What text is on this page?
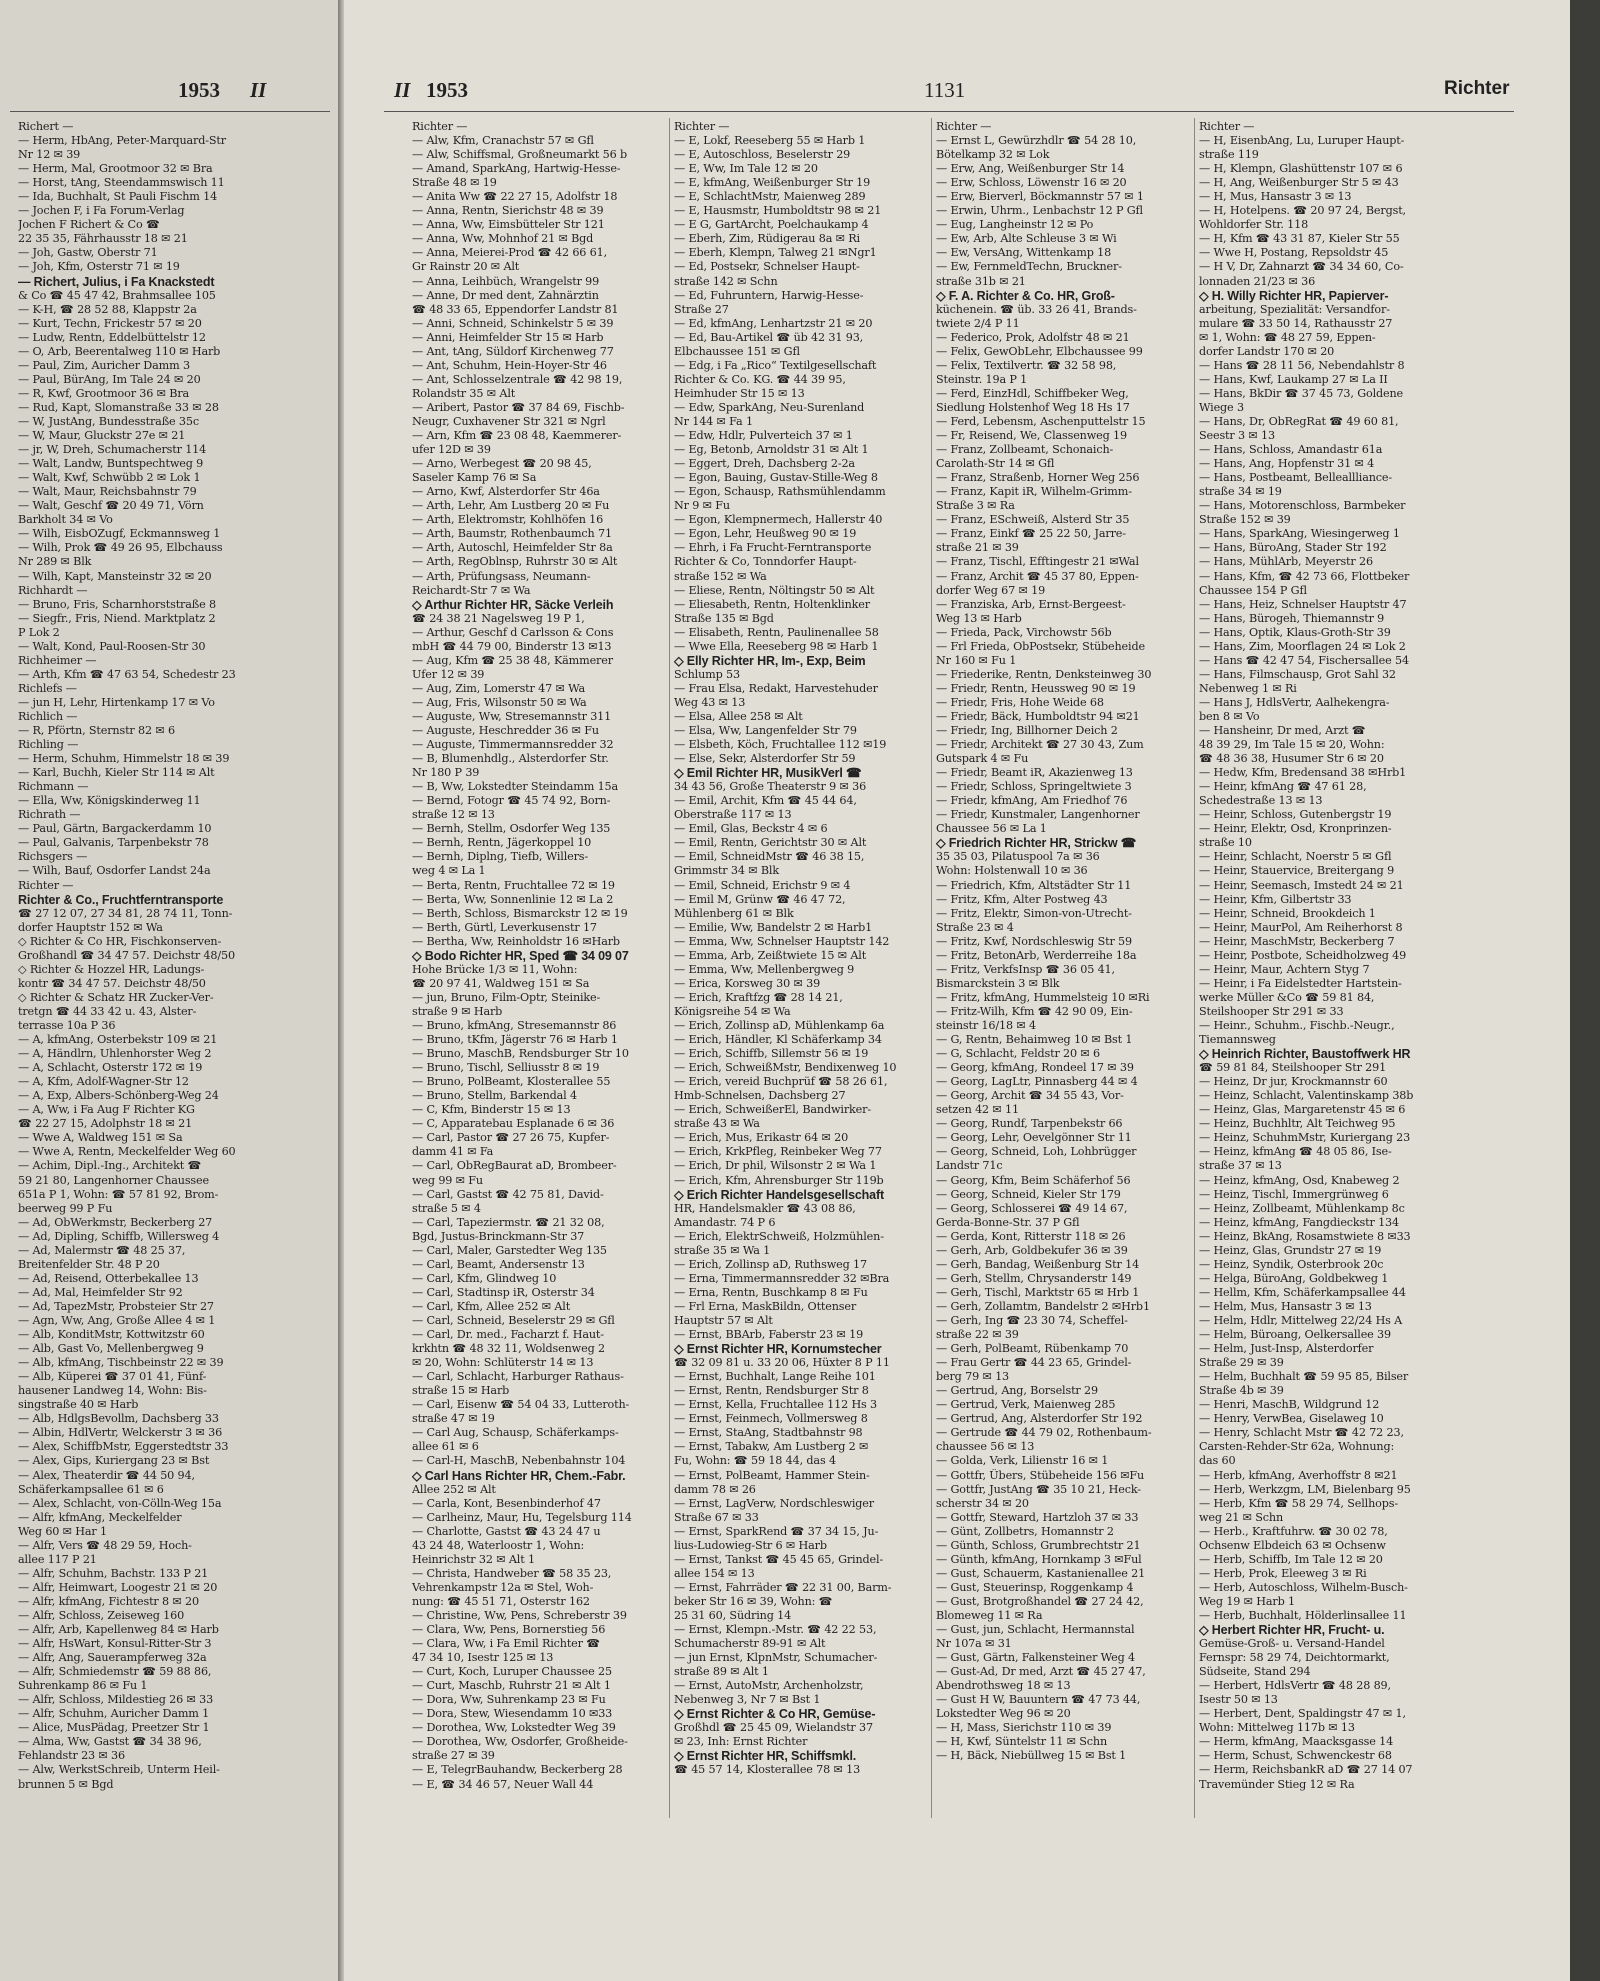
1953 II
Richert —
— Herm, HbAng, Peter-Marquard-Str
Nr 12 ✉ 39
— Herm, Mal, Grootmoor 32 ✉ Bra
— Horst, tAng, Steendammswisch 11
— Ida, Buchhalt, St Pauli Fischm 14
— Jochen F, i Fa Forum-Verlag
Jochen F Richert & Co ☎
22 35 35, Fährhausstr 18 ✉ 21
— Joh, Gastw, Oberstr 71
— Joh, Kfm, Osterstr 71 ✉ 19
— Richert, Julius, i Fa Knackstedt
& Co ☎ 45 47 42, Brahmsallee 105
— K-H, ☎ 28 52 88, Klappstr 2a
— Kurt, Techn, Frickestr 57 ✉ 20
— Ludw, Rentn, Eddelbüttelstr 12
— O, Arb, Beerentalweg 110 ✉ Harb
— Paul, Zim, Auricher Damm 3
— Paul, BürAng, Im Tale 24 ✉ 20
— R, Kwf, Grootmoor 36 ✉ Bra
— Rud, Kapt, Slomanstraße 33 ✉ 28
— W, JustAng, Bundesstraße 35c
— W, Maur, Gluckstr 27e ✉ 21
— jr, W, Dreh, Schumacherstr 114
— Walt, Landw, Buntspechtweg 9
— Walt, Kwf, Schwübb 2 ✉ Lok 1
— Walt, Maur, Reichsbahnstr 79
— Walt, Geschf ☎ 20 49 71, Vörn
Barkholt 34 ✉ Vo
— Wilh, EisbOZugf, Eckmannsweg 1
— Wilh, Prok ☎ 49 26 95, Elbchauss
Nr 289 ✉ Blk
— Wilh, Kapt, Mansteinstr 32 ✉ 20
Richhardt —
— Bruno, Fris, Scharnhorststraße 8
— Siegfr., Fris, Niend. Marktplatz 2
P Lok 2
— Walt, Kond, Paul-Roosen-Str 30
Richheimer —
— Arth, Kfm ☎ 47 63 54, Schedestr 23
Richlefs —
— jun H, Lehr, Hirtenkamp 17 ✉ Vo
Richlich —
— R, Pförtn, Sternstr 82 ✉ 6
Richling —
— Herm, Schuhm, Himmelstr 18 ✉ 39
— Karl, Buchh, Kieler Str 114 ✉ Alt
Richmann —
— Ella, Ww, Königskinderweg 11
Richrath —
— Paul, Gärtn, Bargackerdamm 10
— Paul, Galvanis, Tarpenbekstr 78
Richsgers —
— Wilh, Bauf, Osdorfer Landst 24a
Richter —
Richter & Co., Fruchtferntransporte
☎ 27 12 07, 27 34 81, 28 74 11, Tonn-
dorfer Hauptstr 152 ✉ Wa
◇ Richter & Co HR, Fischkonserven-
Großhandl ☎ 34 47 57. Deichstr 48/50
◇ Richter & Hozzel HR, Ladungs-
kontr ☎ 34 47 57. Deichstr 48/50
◇ Richter & Schatz HR Zucker-Ver-
tretgn ☎ 44 33 42 u. 43, Alster-
terrasse 10a P 36
— A, kfmAng, Osterbekstr 109 ✉ 21
— A, Händlrn, Uhlenhorster Weg 2
— A, Schlacht, Osterstr 172 ✉ 19
— A, Kfm, Adolf-Wagner-Str 12
— A, Exp, Albers-Schönberg-Weg 24
— A, Ww, i Fa Aug F Richter KG
☎ 22 27 15, Adolphstr 18 ✉ 21
— Wwe A, Waldweg 151 ✉ Sa
— Wwe A, Rentn, Meckelfelder Weg 60
— Achim, Dipl.-Ing., Architekt ☎
59 21 80, Langenhorner Chaussee
651a P 1, Wohn: ☎ 57 81 92, Brom-
beerweg 99 P Fu
— Ad, ObWerkmstr, Beckerberg 27
— Ad, Dipling, Schiffb, Willersweg 4
— Ad, Malermstr ☎ 48 25 37,
Breitenfelder Str. 48 P 20
— Ad, Reisend, Otterbekallee 13
— Ad, Mal, Heimfelder Str 92
— Ad, TapezMstr, Probsteier Str 27
— Agn, Ww, Ang, Große Allee 4 ✉ 1
— Alb, KonditMstr, Kottwitzstr 60
— Alb, Gast Vo, Mellenbergweg 9
— Alb, kfmAng, Tischbeinstr 22 ✉ 39
— Alb, Küperei ☎ 37 01 41, Fünf-
hausener Landweg 14, Wohn: Bis-
singstraße 40 ✉ Harb
— Alb, HdlgsBevollm, Dachsberg 33
— Albin, HdlVertr, Welckerstr 3 ✉ 36
— Alex, SchiffbMstr, Eggerstedtstr 33
— Alex, Gips, Kuriergang 23 ✉ Bst
— Alex, Theaterdir ☎ 44 50 94,
Schäferkampsallee 61 ✉ 6
— Alex, Schlacht, von-Cölln-Weg 15a
— Alfr, kfmAng, Meckelfelder
Weg 60 ✉ Har 1
— Alfr, Vers ☎ 48 29 59, Hoch-
allee 117 P 21
— Alfr, Schuhm, Bachstr. 133 P 21
— Alfr, Heimwart, Loogestr 21 ✉ 20
— Alfr, kfmAng, Fichtestr 8 ✉ 20
— Alfr, Schloss, Zeiseweg 160
— Alfr, Arb, Kapellenweg 84 ✉ Harb
— Alfr, HsWart, Konsul-Ritter-Str 3
— Alfr, Ang, Sauerampferweg 32a
— Alfr, Schmiedemstr ☎ 59 88 86,
Suhrenkamp 86 ✉ Fu 1
— Alfr, Schloss, Mildestieg 26 ✉ 33
— Alfr, Schuhm, Auricher Damm 1
— Alice, MusPädag, Preetzer Str 1
— Alma, Ww, Gastst ☎ 34 38 96,
Fehlandstr 23 ✉ 36
— Alw, WerkstSchreib, Unterm Heil-
brunnen 5 ✉ Bgd
II 1953	1131	Richter
Richter —
— Alw, Kfm, Cranachstr 57 ✉ Gfl
— Alw, Schiffsmal, Großneumarkt 56 b
— Amand, SparkAng, Hartwig-Hesse-
Straße 48 ✉ 19
— Anita Ww ☎ 22 27 15, Adolfstr 18
— Anna, Rentn, Sierichstr 48 ✉ 39
— Anna, Ww, Eimsbütteler Str 121
— Anna, Ww, Mohnhof 21 ✉ Bgd
— Anna, Meierei-Prod ☎ 42 66 61,
Gr Rainstr 20 ✉ Alt
— Anna, Leihbüch, Wrangelstr 99
— Anne, Dr med dent, Zahnärztin
☎ 48 33 65, Eppendorfer Landstr 81
— Anni, Schneid, Schinkelstr 5 ✉ 39
— Anni, Heimfelder Str 15 ✉ Harb
— Ant, tAng, Süldorf Kirchenweg 77
— Ant, Schuhm, Hein-Hoyer-Str 46
— Ant, Schlosselzentrale ☎ 42 98 19,
Rolandstr 35 ✉ Alt
— Aribert, Pastor ☎ 37 84 69, Fischb-
Neugr, Cuxhavener Str 321 ✉ Ngrl
— Arn, Kfm ☎ 23 08 48, Kaemmerer-
ufer 12D ✉ 39
— Arno, Werbegest ☎ 20 98 45,
Saseler Kamp 76 ✉ Sa
— Arno, Kwf, Alsterdorfer Str 46a
— Arth, Lehr, Am Lustberg 20 ✉ Fu
— Arth, Elektromstr, Kohlhöfen 16
— Arth, Baumstr, Rothenbaumch 71
— Arth, Autoschl, Heimfelder Str 8a
— Arth, RegOblnsp, Ruhrstr 30 ✉ Alt
— Arth, Prüfungsass, Neumann-
Reichardt-Str 7 ✉ Wa
◇ Arthur Richter HR, Säcke Verleih
☎ 24 38 21 Nagelsweg 19 P 1,
— Arthur, Geschf d Carlsson & Cons
mbH ☎ 44 79 00, Binderstr 13 ✉13
— Aug, Kfm ☎ 25 38 48, Kämmerer
Ufer 12 ✉ 39
— Aug, Zim, Lomerstr 47 ✉ Wa
— Aug, Fris, Wilsonstr 50 ✉ Wa
— Auguste, Ww, Stresemannstr 311
— Auguste, Heschredder 36 ✉ Fu
— Auguste, Timmermannsredder 32
— B, Blumenhdlg., Alsterdorfer Str.
Nr 180 P 39
— B, Ww, Lokstedter Steindamm 15a
— Bernd, Fotogr ☎ 45 74 92, Born-
straße 12 ✉ 13
— Bernh, Stellm, Osdorfer Weg 135
— Bernh, Rentn, Jägerkoppel 10
— Bernh, Diplng, Tiefb, Willers-
weg 4 ✉ La 1
— Berta, Rentn, Fruchtallee 72 ✉ 19
— Berta, Ww, Sonnenlinie 12 ✉ La 2
— Berth, Schloss, Bismarckstr 12 ✉ 19
— Berth, Gürtl, Leverkusenstr 17
— Bertha, Ww, Reinholdstr 16 ✉Harb
◇ Bodo Richter HR, Sped ☎ 34 09 07
Hohe Brücke 1/3 ✉ 11, Wohn:
☎ 20 97 41, Waldweg 151 ✉ Sa
— jun, Bruno, Film-Optr, Steinike-
straße 9 ✉ Harb
— Bruno, kfmAng, Stresemannstr 86
— Bruno, tKfm, Jägerstr 76 ✉ Harb 1
— Bruno, MaschB, Rendsburger Str 10
— Bruno, Tischl, Selliusstr 8 ✉ 19
— Bruno, PolBeamt, Klosterallee 55
— Bruno, Stellm, Barkendal 4
— C, Kfm, Binderstr 15 ✉ 13
— C, Apparatebau Esplanade 6 ✉ 36
— Carl, Pastor ☎ 27 26 75, Kupfer-
damm 41 ✉ Fa
— Carl, ObRegBaurat aD, Brombeer-
weg 99 ✉ Fu
— Carl, Gastst ☎ 42 75 81, David-
straße 5 ✉ 4
— Carl, Tapeziermstr. ☎ 21 32 08,
Bgd, Justus-Brinckmann-Str 37
— Carl, Maler, Garstedter Weg 135
— Carl, Beamt, Andersenstr 13
— Carl, Kfm, Glindweg 10
— Carl, Stadtinsp iR, Osterstr 34
— Carl, Kfm, Allee 252 ✉ Alt
— Carl, Schneid, Beselerstr 29 ✉ Gfl
— Carl, Dr. med., Facharzt f. Haut-
krkhtn ☎ 48 32 11, Woldsenweg 2
✉ 20, Wohn: Schlüterstr 14 ✉ 13
— Carl, Schlacht, Harburger Rathaus-
straße 15 ✉ Harb
— Carl, Eisenw ☎ 54 04 33, Lutteroth-
straße 47 ✉ 19
— Carl Aug, Schausp, Schäferkamps-
allee 61 ✉ 6
— Carl-H, MaschB, Nebenbahnstr 104
◇ Carl Hans Richter HR, Chem.-Fabr.
Allee 252 ✉ Alt
— Carla, Kont, Besenbinderhof 47
— Carlheinz, Maur, Hu, Tegelsburg 114
— Charlotte, Gastst ☎ 43 24 47 u
43 24 48, Waterloostr 1, Wohn:
Heinrichstr 32 ✉ Alt 1
— Christa, Handweber ☎ 58 35 23,
Vehrenkampstr 12a ✉ Stel, Woh-
nung: ☎ 45 51 71, Osterstr 162
— Christine, Ww, Pens, Schreberstr 39
— Clara, Ww, Pens, Bornerstieg 56
— Clara, Ww, i Fa Emil Richter ☎
47 34 10, Isestr 125 ✉ 13
— Curt, Koch, Luruper Chaussee 25
— Curt, Maschb, Ruhrstr 21 ✉ Alt 1
— Dora, Ww, Suhrenkamp 23 ✉ Fu
— Dora, Stew, Wiesendamm 10 ✉33
— Dorothea, Ww, Lokstedter Weg 39
— Dorothea, Ww, Osdorfer, Großheide-
straße 27 ✉ 39
— E, TelegrBauhandw, Beckerberg 28
— E, ☎ 34 46 57, Neuer Wall 44
Richter —
— E, Lokf, Reeseberg 55 ✉ Harb 1
— E, Autoschloss, Beselerstr 29
— E, Ww, Im Tale 12 ✉ 20
— E, kfmAng, Weißenburger Str 19
— E, SchlachtMstr, Maienweg 289
— E, Hausmstr, Humboldtstr 98 ✉ 21
— E G, GartArcht, Poelchaukamp 4
— Eberh, Zim, Rüdigerau 8a ✉ Ri
— Eberh, Klempn, Talweg 21 ✉Ngr1
— Ed, Postsekr, Schnelser Haupt-
straße 142 ✉ Schn
— Ed, Fuhruntern, Harwig-Hesse-
Straße 27
— Ed, kfmAng, Lenhartzstr 21 ✉ 20
— Ed, Bau-Artikel ☎ üb 42 31 93,
Elbchaussee 151 ✉ Gfl
— Edg, i Fa „Rico“ Textilgesellschaft
Richter & Co. KG. ☎ 44 39 95,
Heimhuder Str 15 ✉ 13
— Edw, SparkAng, Neu-Surenland
Nr 144 ✉ Fa 1
— Edw, Hdlr, Pulverteich 37 ✉ 1
— Eg, Betonb, Arnoldstr 31 ✉ Alt 1
— Eggert, Dreh, Dachsberg 2-2a
— Egon, Bauing, Gustav-Stille-Weg 8
— Egon, Schausp, Rathsmühlendamm
Nr 9 ✉ Fu
— Egon, Klempnermech, Hallerstr 40
— Egon, Lehr, Heußweg 90 ✉ 19
— Ehrh, i Fa Frucht-Ferntransporte
Richter & Co, Tonndorfer Haupt-
straße 152 ✉ Wa
— Eliese, Rentn, Nöltingstr 50 ✉ Alt
— Eliesabeth, Rentn, Holtenklinker
Straße 135 ✉ Bgd
— Elisabeth, Rentn, Paulinenallee 58
— Wwe Ella, Reeseberg 98 ✉ Harb 1
◇ Elly Richter HR, Im-, Exp, Beim
Schlump 53
— Frau Elsa, Redakt, Harvestehuder
Weg 43 ✉ 13
— Elsa, Allee 258 ✉ Alt
— Elsa, Ww, Langenfelder Str 79
— Elsbeth, Köch, Fruchtallee 112 ✉19
— Else, Sekr, Alsterdorfer Str 59
◇ Emil Richter HR, MusikVerl ☎
34 43 56, Große Theaterstr 9 ✉ 36
— Emil, Archit, Kfm ☎ 45 44 64,
Oberstraße 117 ✉ 13
— Emil, Glas, Beckstr 4 ✉ 6
— Emil, Rentn, Gerichtstr 30 ✉ Alt
— Emil, SchneidMstr ☎ 46 38 15,
Grimmstr 34 ✉ Blk
— Emil, Schneid, Erichstr 9 ✉ 4
— Emil M, Grünw ☎ 46 47 72,
Mühlenberg 61 ✉ Blk
— Emilie, Ww, Bandelstr 2 ✉ Harb1
— Emma, Ww, Schnelser Hauptstr 142
— Emma, Arb, Zeißtwiete 15 ✉ Alt
— Emma, Ww, Mellenbergweg 9
— Erica, Korsweg 30 ✉ 39
— Erich, Kraftfzg ☎ 28 14 21,
Königsreihe 54 ✉ Wa
— Erich, Zollinsp aD, Mühlenkamp 6a
— Erich, Händler, Kl Schäferkamp 34
— Erich, Schiffb, Sillemstr 56 ✉ 19
— Erich, SchweißMstr, Bendixenweg 10
— Erich, vereid Buchprüf ☎ 58 26 61,
Hmb-Schnelsen, Dachsberg 27
— Erich, SchweißerEl, Bandwirker-
straße 43 ✉ Wa
— Erich, Mus, Erikastr 64 ✉ 20
— Erich, KrkPfleg, Reinbeker Weg 77
— Erich, Dr phil, Wilsonstr 2 ✉ Wa 1
— Erich, Kfm, Ahrensburger Str 119b
◇ Erich Richter Handelsgesellschaft
HR, Handelsmakler ☎ 43 08 86,
Amandastr. 74 P 6
— Erich, ElektrSchweiß, Holzmühlen-
straße 35 ✉ Wa 1
— Erich, Zollinsp aD, Ruthsweg 17
— Erna, Timmermannsredder 32 ✉Bra
— Erna, Rentn, Buschkamp 8 ✉ Fu
— Frl Erna, MaskBildn, Ottenser
Hauptstr 57 ✉ Alt
— Ernst, BBArb, Faberstr 23 ✉ 19
◇ Ernst Richter HR, Kornumstecher
☎ 32 09 81 u. 33 20 06, Hüxter 8 P 11
— Ernst, Buchhalt, Lange Reihe 101
— Ernst, Rentn, Rendsburger Str 8
— Ernst, Kella, Fruchtallee 112 Hs 3
— Ernst, Feinmech, Vollmersweg 8
— Ernst, StaAng, Stadtbahnstr 98
— Ernst, Tabakw, Am Lustberg 2 ✉
Fu, Wohn: ☎ 59 18 44, das 4
— Ernst, PolBeamt, Hammer Stein-
damm 78 ✉ 26
— Ernst, LagVerw, Nordschleswiger
Straße 67 ✉ 33
— Ernst, SparkRend ☎ 37 34 15, Ju-
lius-Ludowieg-Str 6 ✉ Harb
— Ernst, Tankst ☎ 45 45 65, Grindel-
allee 154 ✉ 13
— Ernst, Fahrräder ☎ 22 31 00, Barm-
beker Str 16 ✉ 39, Wohn: ☎
25 31 60, Südring 14
— Ernst, Klempn.-Mstr. ☎ 42 22 53,
Schumacherstr 89-91 ✉ Alt
— jun Ernst, KlpnMstr, Schumacher-
straße 89 ✉ Alt 1
— Ernst, AutoMstr, Archenholzstr,
Nebenweg 3, Nr 7 ✉ Bst 1
◇ Ernst Richter & Co HR, Gemüse-
Großhdl ☎ 25 45 09, Wielandstr 37
✉ 23, Inh: Ernst Richter
◇ Ernst Richter HR, Schiffsmkl.
☎ 45 57 14, Klosterallee 78 ✉ 13
Richter —
— Ernst L, Gewürzhdlr ☎ 54 28 10,
Bötelkamp 32 ✉ Lok
— Erw, Ang, Weißenburger Str 14
— Erw, Schloss, Löwenstr 16 ✉ 20
— Erw, Bierverl, Böckmannstr 57 ✉ 1
— Erwin, Uhrm., Lenbachstr 12 P Gfl
— Eug, Langheinstr 12 ✉ Po
— Ew, Arb, Alte Schleuse 3 ✉ Wi
— Ew, VersAng, Wittenkamp 18
— Ew, FernmeldTechn, Bruckner-
straße 31b ✉ 21
◇ F. A. Richter & Co. HR, Groß-
küchenein. ☎ üb. 33 26 41, Brands-
twiete 2/4 P 11
— Federico, Prok, Adolfstr 48 ✉ 21
— Felix, GewObLehr, Elbchaussee 99
— Felix, Textilvertr. ☎ 32 58 98,
Steinstr. 19a P 1
— Ferd, EinzHdl, Schiffbeker Weg,
Siedlung Holstenhof Weg 18 Hs 17
— Ferd, Lebensm, Aschenputtelstr 15
— Fr, Reisend, We, Classenweg 19
— Franz, Zollbeamt, Schonaich-
Carolath-Str 14 ✉ Gfl
— Franz, Straßenb, Horner Weg 256
— Franz, Kapit iR, Wilhelm-Grimm-
Straße 3 ✉ Ra
— Franz, ESchweiß, Alsterd Str 35
— Franz, Einkf ☎ 25 22 50, Jarre-
straße 21 ✉ 39
— Franz, Tischl, Efftingestr 21 ✉Wal
— Franz, Archit ☎ 45 37 80, Eppen-
dorfer Weg 67 ✉ 19
— Franziska, Arb, Ernst-Bergeest-
Weg 13 ✉ Harb
— Frieda, Pack, Virchowstr 56b
— Frl Frieda, ObPostsekr, Stübeheide
Nr 160 ✉ Fu 1
— Friederike, Rentn, Denksteinweg 30
— Friedr, Rentn, Heussweg 90 ✉ 19
— Friedr, Fris, Hohe Weide 68
— Friedr, Bäck, Humboldtstr 94 ✉21
— Friedr, Ing, Billhorner Deich 2
— Friedr, Architekt ☎ 27 30 43, Zum
Gutspark 4 ✉ Fu
— Friedr, Beamt iR, Akazienweg 13
— Friedr, Schloss, Springeltwiete 3
— Friedr, kfmAng, Am Friedhof 76
— Friedr, Kunstmaler, Langenhorner
Chaussee 56 ✉ La 1
◇ Friedrich Richter HR, Strickw ☎
35 35 03, Pilatuspool 7a ✉ 36
Wohn: Holstenwall 10 ✉ 36
— Friedrich, Kfm, Altstädter Str 11
— Fritz, Kfm, Alter Postweg 43
— Fritz, Elektr, Simon-von-Utrecht-
Straße 23 ✉ 4
— Fritz, Kwf, Nordschleswig Str 59
— Fritz, BetonArb, Werderreihe 18a
— Fritz, VerkfsInsp ☎ 36 05 41,
Bismarckstein 3 ✉ Blk
— Fritz, kfmAng, Hummelsteig 10 ✉Ri
— Fritz-Wilh, Kfm ☎ 42 90 09, Ein-
steinstr 16/18 ✉ 4
— G, Rentn, Behaimweg 10 ✉ Bst 1
— G, Schlacht, Feldstr 20 ✉ 6
— Georg, kfmAng, Rondeel 17 ✉ 39
— Georg, LagLtr, Pinnasberg 44 ✉ 4
— Georg, Archit ☎ 34 55 43, Vor-
setzen 42 ✉ 11
— Georg, Rundf, Tarpenbekstr 66
— Georg, Lehr, Oevelgönner Str 11
— Georg, Schneid, Loh, Lohbrügger
Landstr 71c
— Georg, Kfm, Beim Schäferhof 56
— Georg, Schneid, Kieler Str 179
— Georg, Schlosserei ☎ 49 14 67,
Gerda-Bonne-Str. 37 P Gfl
— Gerda, Kont, Ritterstr 118 ✉ 26
— Gerh, Arb, Goldbekufer 36 ✉ 39
— Gerh, Bandag, Weißenburg Str 14
— Gerh, Stellm, Chrysanderstr 149
— Gerh, Tischl, Marktstr 65 ✉ Hrb 1
— Gerh, Zollamtm, Bandelstr 2 ✉Hrb1
— Gerh, Ing ☎ 23 30 74, Scheffel-
straße 22 ✉ 39
— Gerh, PolBeamt, Rübenkamp 70
— Frau Gertr ☎ 44 23 65, Grindel-
berg 79 ✉ 13
— Gertrud, Ang, Borselstr 29
— Gertrud, Verk, Maienweg 285
— Gertrud, Ang, Alsterdorfer Str 192
— Gertrude ☎ 44 79 02, Rothenbaum-
chaussee 56 ✉ 13
— Golda, Verk, Lilienstr 16 ✉ 1
— Gottfr, Übers, Stübeheide 156 ✉Fu
— Gottfr, JustAng ☎ 35 10 21, Heck-
scherstr 34 ✉ 20
— Gottfr, Steward, Hartzloh 37 ✉ 33
— Günt, Zollbetrs, Homannstr 2
— Günth, Schloss, Grumbrechtstr 21
— Günth, kfmAng, Hornkamp 3 ✉Ful
— Gust, Schauerm, Kastanienallee 21
— Gust, Steuerinsp, Roggenkamp 4
— Gust, Brotgroßhandel ☎ 27 24 42,
Blomeweg 11 ✉ Ra
— Gust, jun, Schlacht, Hermannstal
Nr 107a ✉ 31
— Gust, Gärtn, Falkensteiner Weg 4
— Gust-Ad, Dr med, Arzt ☎ 45 27 47,
Abendrothsweg 18 ✉ 13
— Gust H W, Bauuntern ☎ 47 73 44,
Lokstedter Weg 96 ✉ 20
— H, Mass, Sierichstr 110 ✉ 39
— H, Kwf, Süntelstr 11 ✉ Schn
— H, Bäck, Niebüllweg 15 ✉ Bst 1
Richter —
— H, EisenbAng, Lu, Luruper Haupt-
straße 119
— H, Klempn, Glashüttenstr 107 ✉ 6
— H, Ang, Weißenburger Str 5 ✉ 43
— H, Mus, Hansastr 3 ✉ 13
— H, Hotelpens. ☎ 20 97 24, Bergst,
Wohldorfer Str. 118
— H, Kfm ☎ 43 31 87, Kieler Str 55
— Wwe H, Postang, Repsoldstr 45
— H V, Dr, Zahnarzt ☎ 34 34 60, Co-
lonnaden 21/23 ✉ 36
◇ H. Willy Richter HR, Papierver-
arbeitung, Spezialität: Versandfor-
mulare ☎ 33 50 14, Rathausstr 27
✉ 1, Wohn: ☎ 48 27 59, Eppen-
dorfer Landstr 170 ✉ 20
— Hans ☎ 28 11 56, Nebendahlstr 8
— Hans, Kwf, Laukamp 27 ✉ La II
— Hans, BkDir ☎ 37 45 73, Goldene
Wiege 3
— Hans, Dr, ObRegRat ☎ 49 60 81,
Seestr 3 ✉ 13
— Hans, Schloss, Amandastr 61a
— Hans, Ang, Hopfenstr 31 ✉ 4
— Hans, Postbeamt, Belleallliance-
straße 34 ✉ 19
— Hans, Motorenschloss, Barmbeker
Straße 152 ✉ 39
— Hans, SparkAng, Wiesingerweg 1
— Hans, BüroAng, Stader Str 192
— Hans, MühlArb, Meyerstr 26
— Hans, Kfm, ☎ 42 73 66, Flottbeker
Chaussee 154 P Gfl
— Hans, Heiz, Schnelser Hauptstr 47
— Hans, Bürogeh, Thiemannstr 9
— Hans, Optik, Klaus-Groth-Str 39
— Hans, Zim, Moorflagen 24 ✉ Lok 2
— Hans ☎ 42 47 54, Fischersallee 54
— Hans, Filmschausp, Grot Sahl 32
Nebenweg 1 ✉ Ri
— Hans J, HdlsVertr, Aalhekengra-
ben 8 ✉ Vo
— Hansheinr, Dr med, Arzt ☎
48 39 29, Im Tale 15 ✉ 20, Wohn:
☎ 48 36 38, Husumer Str 6 ✉ 20
— Hedw, Kfm, Bredensand 38 ✉Hrb1
— Heinr, kfmAng ☎ 47 61 28,
Schedestraße 13 ✉ 13
— Heinr, Schloss, Gutenbergstr 19
— Heinr, Elektr, Osd, Kronprinzen-
straße 10
— Heinr, Schlacht, Noerstr 5 ✉ Gfl
— Heinr, Stauervice, Breitergang 9
— Heinr, Seemasch, Imstedt 24 ✉ 21
— Heinr, Kfm, Gilbertstr 33
— Heinr, Schneid, Brookdeich 1
— Heinr, MaurPol, Am Reiherhorst 8
— Heinr, MaschMstr, Beckerberg 7
— Heinr, Postbote, Scheidholzweg 49
— Heinr, Maur, Achtern Styg 7
— Heinr, i Fa Eidelstedter Hartstein-
werke Müller &Co ☎ 59 81 84,
Steilshooper Str 291 ✉ 33
— Heinr., Schuhm., Fischb.-Neugr.,
Tiemannsweg
◇ Heinrich Richter, Baustoffwerk HR
☎ 59 81 84, Steilshooper Str 291
— Heinz, Dr jur, Krockmannstr 60
— Heinz, Schlacht, Valentinskamp 38b
— Heinz, Glas, Margaretenstr 45 ✉ 6
— Heinz, Buchhltr, Alt Teichweg 95
— Heinz, SchuhmMstr, Kuriergang 23
— Heinz, kfmAng ☎ 48 05 86, Ise-
straße 37 ✉ 13
— Heinz, kfmAng, Osd, Knabeweg 2
— Heinz, Tischl, Immergrünweg 6
— Heinz, Zollbeamt, Mühlenkamp 8c
— Heinz, kfmAng, Fangdieckstr 134
— Heinz, BkAng, Rosamstwiete 8 ✉33
— Heinz, Glas, Grundstr 27 ✉ 19
— Heinz, Syndik, Osterbrook 20c
— Helga, BüroAng, Goldbekweg 1
— Hellm, Kfm, Schäferkampsallee 44
— Helm, Mus, Hansastr 3 ✉ 13
— Helm, Hdlr, Mittelweg 22/24 Hs A
— Helm, Büroang, Oelkersallee 39
— Helm, Just-Insp, Alsterdorfer
Straße 29 ✉ 39
— Helm, Buchhalt ☎ 59 95 85, Bilser
Straße 4b ✉ 39
— Henri, MaschB, Wildgrund 12
— Henry, VerwBea, Giselaweg 10
— Henry, Schlacht Mstr ☎ 42 72 23,
Carsten-Rehder-Str 62a, Wohnung:
das 60
— Herb, kfmAng, Averhoffstr 8 ✉21
— Herb, Werkzgm, LM, Bielenbarg 95
— Herb, Kfm ☎ 58 29 74, Sellhops-
weg 21 ✉ Schn
— Herb., Kraftfuhrw. ☎ 30 02 78,
Ochsenw Elbdeich 63 ✉ Ochsenw
— Herb, Schiffb, Im Tale 12 ✉ 20
— Herb, Prok, Eleeweg 3 ✉ Ri
— Herb, Autoschloss, Wilhelm-Busch-
Weg 19 ✉ Harb 1
— Herb, Buchhalt, Hölderlinsallee 11
◇ Herbert Richter HR, Frucht- u.
Gemüse-Groß- u. Versand-Handel
Fernspr: 58 29 74, Deichtormarkt,
Südseite, Stand 294
— Herbert, HdlsVertr ☎ 48 28 89,
Isestr 50 ✉ 13
— Herbert, Dent, Spaldingstr 47 ✉ 1,
Wohn: Mittelweg 117b ✉ 13
— Herm, kfmAng, Maacksgasse 14
— Herm, Schust, Schwenckestr 68
— Herm, ReichsbankR aD ☎ 27 14 07
Travemünder Stieg 12 ✉ Ra
